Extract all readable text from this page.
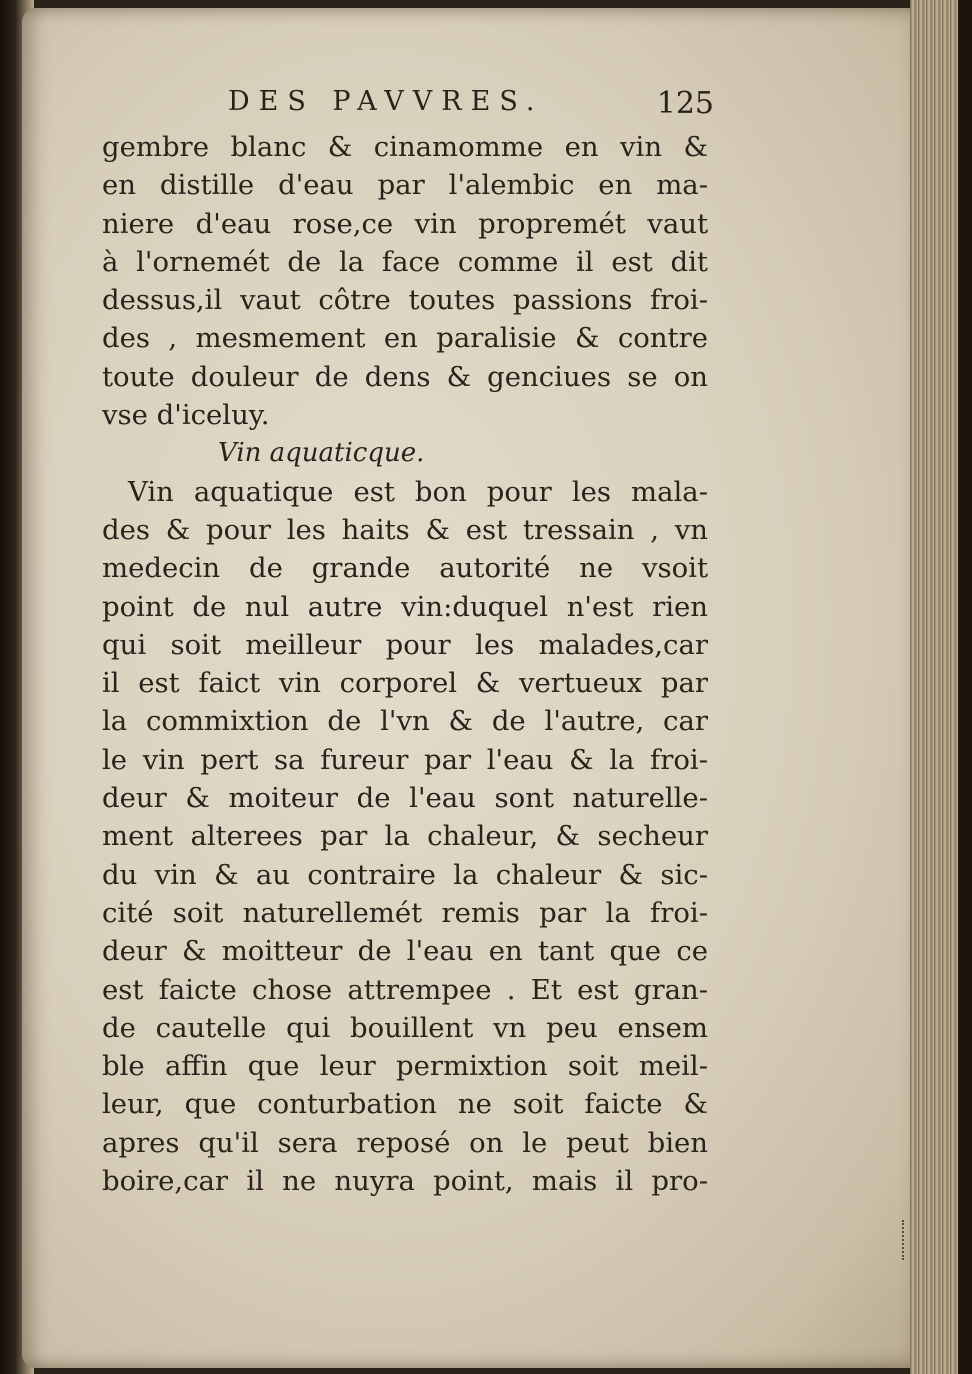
DES PAVVRES.	125
gembre blanc & cinamomme en vin &
en distille d'eau par l'alembic en ma-
niere d'eau rose,ce vin propremét vaut
à l'ornemét de la face comme il est dit
dessus,il vaut côtre toutes passions froi-
des , mesmement en paralisie & contre
toute douleur de dens & genciues se on
vse d'iceluy.
Vin aquaticque.
Vin aquatique est bon pour les mala-
des & pour les haits & est tressain , vn
medecin de grande autorité ne vsoit
point de nul autre vin:duquel n'est rien
qui soit meilleur pour les malades,car
il est faict vin corporel & vertueux par
la commixtion de l'vn & de l'autre, car
le vin pert sa fureur par l'eau & la froi-
deur & moiteur de l'eau sont naturelle-
ment alterees par la chaleur, & secheur
du vin & au contraire la chaleur & sic-
cité soit naturellemét remis par la froi-
deur & moitteur de l'eau en tant que ce
est faicte chose attrempee . Et est gran-
de cautelle qui bouillent vn peu ensem
ble affin que leur permixtion soit meil-
leur, que conturbation ne soit faicte &
apres qu'il sera reposé on le peut bien
boire,car il ne nuyra point, mais il pro-
